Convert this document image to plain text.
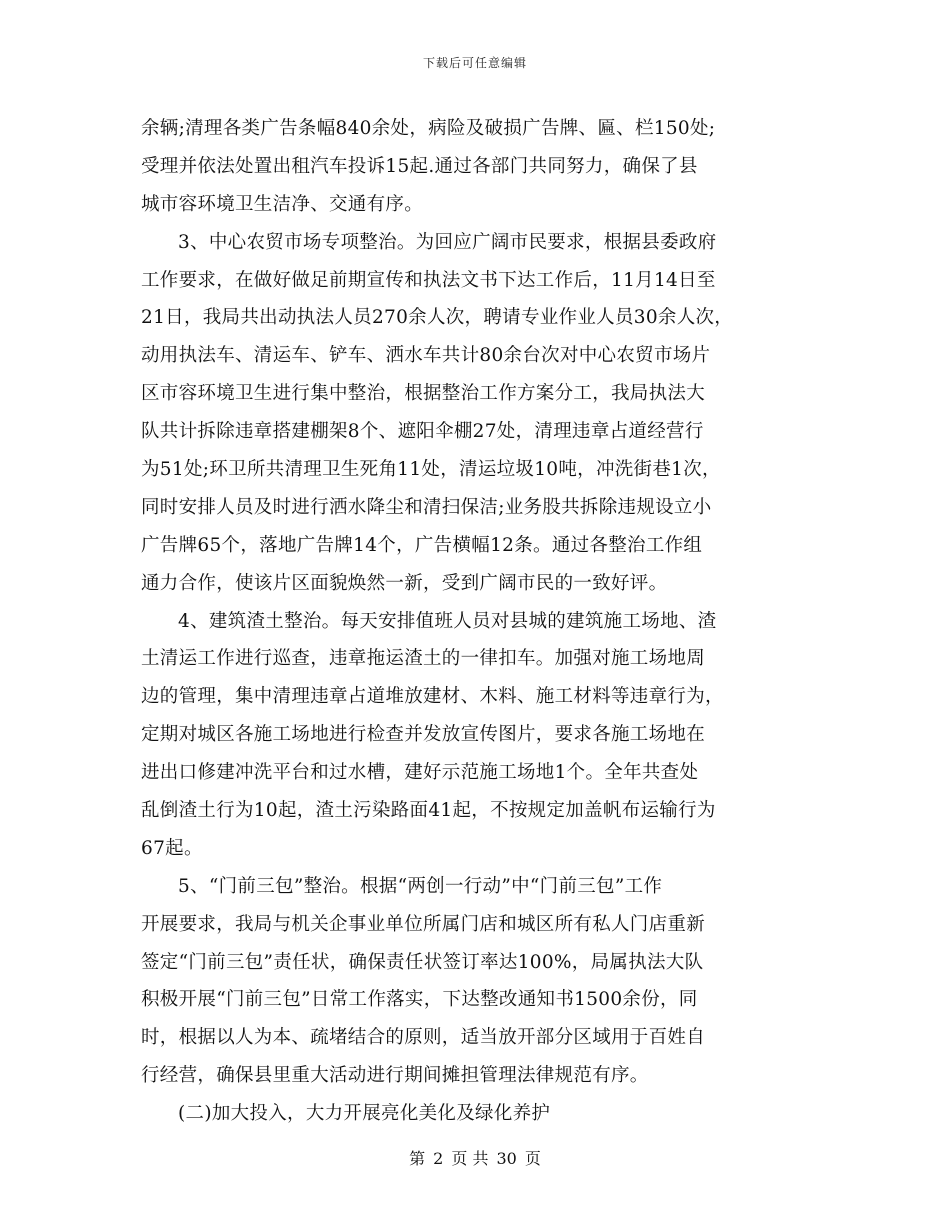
下载后可任意编辑
余辆;清理各类广告条幅840余处，病险及破损广告牌、匾、栏150处;
受理并依法处置出租汽车投诉15起.通过各部门共同努力，确保了县
城市容环境卫生洁净、交通有序。
3、中心农贸市场专项整治。为回应广阔市民要求，根据县委政府
工作要求，在做好做足前期宣传和执法文书下达工作后，11月14日至
21日，我局共出动执法人员270余人次，聘请专业作业人员30余人次，
动用执法车、清运车、铲车、洒水车共计80余台次对中心农贸市场片
区市容环境卫生进行集中整治，根据整治工作方案分工，我局执法大
队共计拆除违章搭建棚架8个、遮阳伞棚27处，清理违章占道经营行
为51处;环卫所共清理卫生死角11处，清运垃圾10吨，冲洗街巷1次，
同时安排人员及时进行洒水降尘和清扫保洁;业务股共拆除违规设立小
广告牌65个，落地广告牌14个，广告横幅12条。通过各整治工作组
通力合作，使该片区面貌焕然一新，受到广阔市民的一致好评。
4、建筑渣土整治。每天安排值班人员对县城的建筑施工场地、渣
土清运工作进行巡查，违章拖运渣土的一律扣车。加强对施工场地周
边的管理，集中清理违章占道堆放建材、木料、施工材料等违章行为，
定期对城区各施工场地进行检查并发放宣传图片，要求各施工场地在
进出口修建冲洗平台和过水槽，建好示范施工场地1个。全年共查处
乱倒渣土行为10起，渣土污染路面41起，不按规定加盖帆布运输行为
67起。
5、“门前三包”整治。根据“两创一行动”中“门前三包”工作
开展要求，我局与机关企事业单位所属门店和城区所有私人门店重新
签定“门前三包”责任状，确保责任状签订率达100%，局属执法大队
积极开展“门前三包”日常工作落实，下达整改通知书1500余份，同
时，根据以人为本、疏堵结合的原则，适当放开部分区域用于百姓自
行经营，确保县里重大活动进行期间摊担管理法律规范有序。
(二)加大投入，大力开展亮化美化及绿化养护
第 2 页 共 30 页
